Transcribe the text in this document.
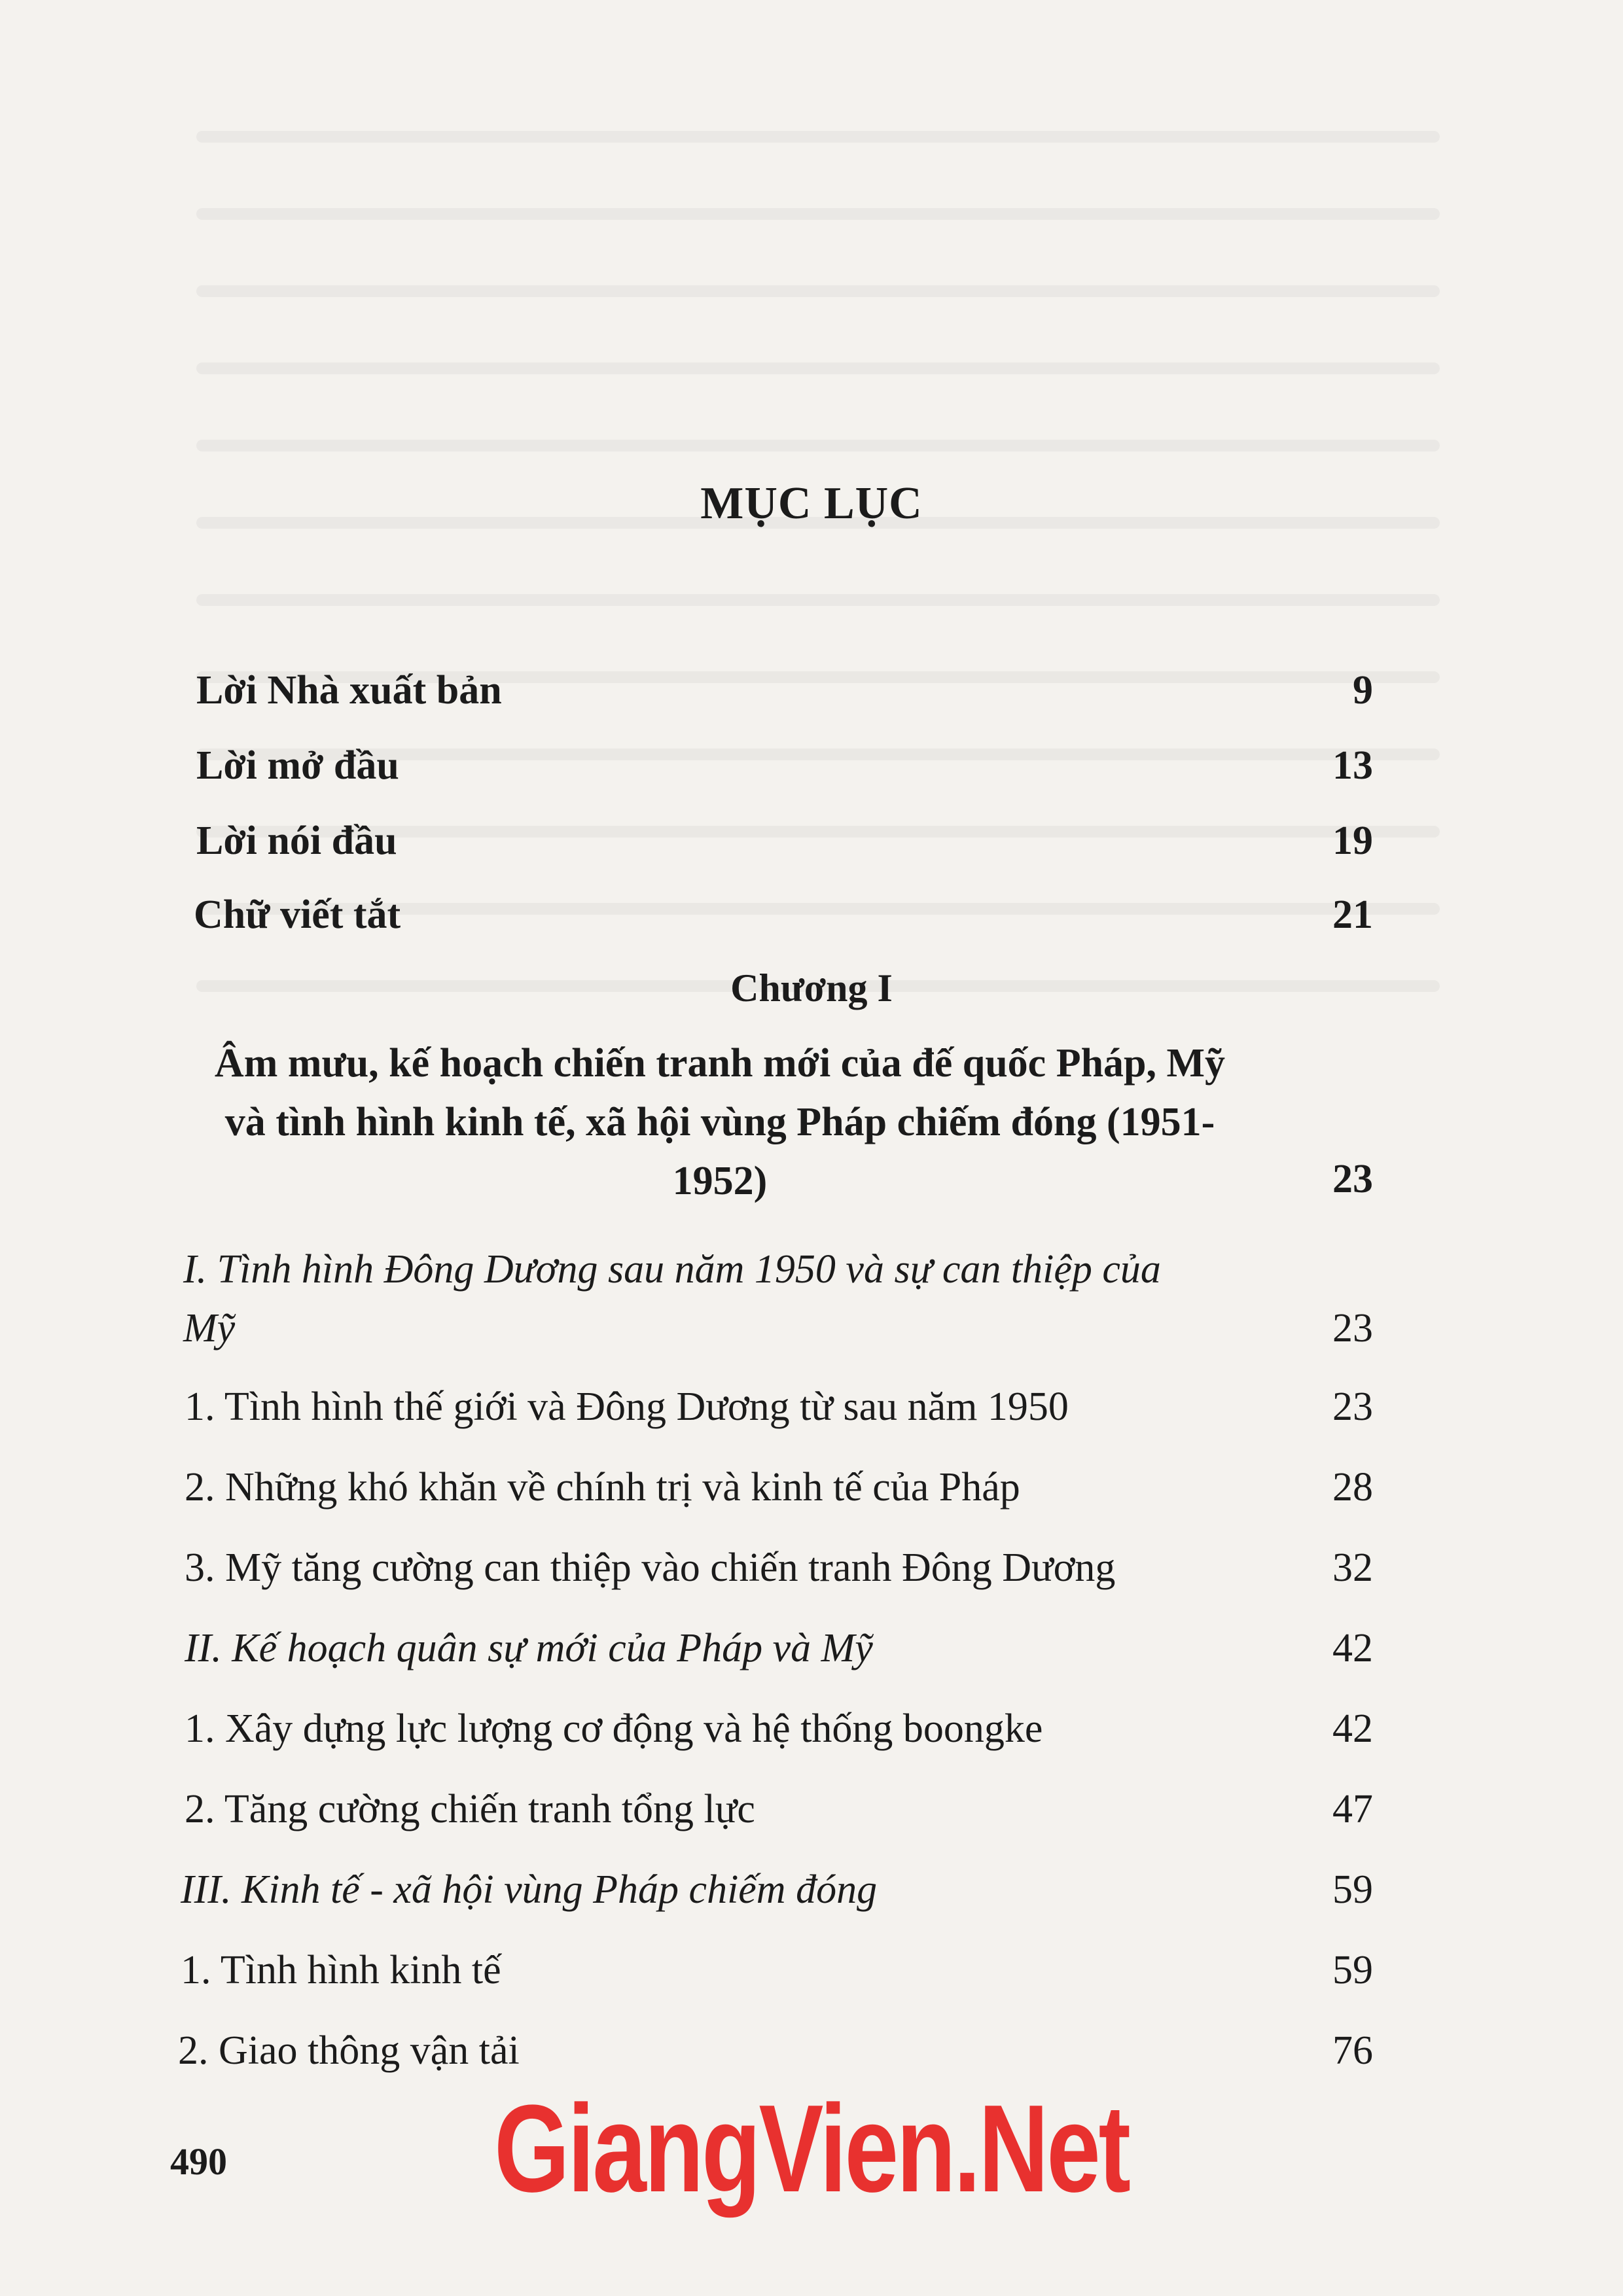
MỤC LỤC
Lời Nhà xuất bản	9
Lời mở đầu	13
Lời nói đầu	19
Chữ viết tắt	21
Chương I
Âm mưu, kế hoạch chiến tranh mới của đế quốc Pháp, Mỹ và tình hình kinh tế, xã hội vùng Pháp chiếm đóng (1951-1952)	23
I. Tình hình Đông Dương sau năm 1950 và sự can thiệp của Mỹ	23
1. Tình hình thế giới và Đông Dương từ sau năm 1950	23
2. Những khó khăn về chính trị và kinh tế của Pháp	28
3. Mỹ tăng cường can thiệp vào chiến tranh Đông Dương	32
II. Kế hoạch quân sự mới của Pháp và Mỹ	42
1. Xây dựng lực lượng cơ động và hệ thống boongke	42
2. Tăng cường chiến tranh tổng lực	47
III. Kinh tế - xã hội vùng Pháp chiếm đóng	59
1. Tình hình kinh tế	59
2. Giao thông vận tải	76
490	GiangVien.Net
